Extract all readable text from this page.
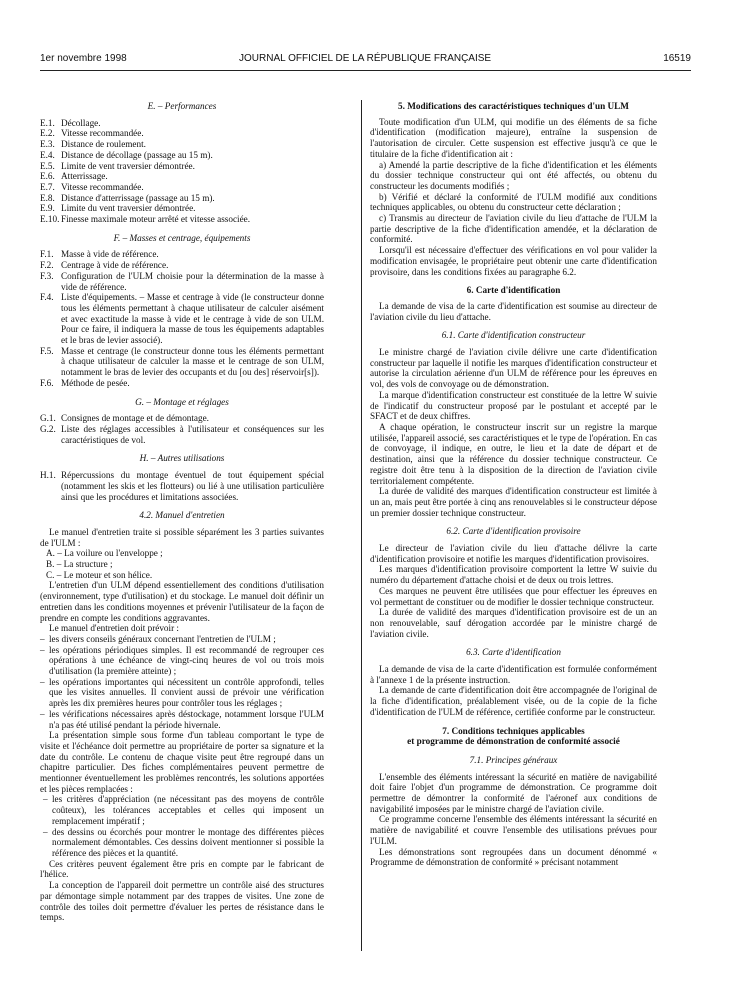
1er novembre 1998	JOURNAL OFFICIEL DE LA RÉPUBLIQUE FRANÇAISE	16519
E. – Performances
E.1. Décollage.
E.2. Vitesse recommandée.
E.3. Distance de roulement.
E.4. Distance de décollage (passage au 15 m).
E.5. Limite de vent traversier démontrée.
E.6. Atterrissage.
E.7. Vitesse recommandée.
E.8. Distance d'atterrissage (passage au 15 m).
E.9. Limite du vent traversier démontrée.
E.10. Finesse maximale moteur arrêté et vitesse associée.
F. – Masses et centrage, équipements
F.1. Masse à vide de référence.
F.2. Centrage à vide de référence.
F.3. Configuration de l'ULM choisie pour la détermination de la masse à vide de référence.
F.4. Liste d'équipements. – Masse et centrage à vide (le constructeur donne tous les éléments permettant à chaque utilisateur de calculer aisément et avec exactitude la masse à vide et le centrage à vide de son ULM. Pour ce faire, il indiquera la masse de tous les équipements adaptables et le bras de levier associé).
F.5. Masse et centrage (le constructeur donne tous les éléments permettant à chaque utilisateur de calculer la masse et le centrage de son ULM, notamment le bras de levier des occupants et du [ou des] réservoir[s]).
F.6. Méthode de pesée.
G. – Montage et réglages
G.1. Consignes de montage et de démontage.
G.2. Liste des réglages accessibles à l'utilisateur et conséquences sur les caractéristiques de vol.
H. – Autres utilisations
H.1. Répercussions du montage éventuel de tout équipement spécial (notamment les skis et les flotteurs) ou lié à une utilisation particulière ainsi que les procédures et limitations associées.
4.2. Manuel d'entretien

Le manuel d'entretien traite si possible séparément les 3 parties suivantes de l'ULM :

A. – La voilure ou l'enveloppe ;
B. – La structure ;
C. – Le moteur et son hélice.

L'entretien d'un ULM dépend essentiellement des conditions d'utilisation (environnement, type d'utilisation) et du stockage. Le manuel doit définir un entretien dans les conditions moyennes et prévenir l'utilisateur de la façon de prendre en compte les conditions aggravantes.

Le manuel d'entretien doit prévoir :

– les divers conseils généraux concernant l'entretien de l'ULM ;
– les opérations périodiques simples. Il est recommandé de regrouper ces opérations à une échéance de vingt-cinq heures de vol ou trois mois d'utilisation (la première atteinte) ;
– les opérations importantes qui nécessitent un contrôle approfondi, telles que les visites annuelles. Il convient aussi de prévoir une vérification après les dix premières heures pour contrôler tous les réglages ;
– les vérifications nécessaires après déstockage, notamment lorsque l'ULM n'a pas été utilisé pendant la période hivernale.

La présentation simple sous forme d'un tableau comportant le type de visite et l'échéance doit permettre au propriétaire de porter sa signature et la date du contrôle. Le contenu de chaque visite peut être regroupé dans un chapitre particulier. Des fiches complémentaires peuvent permettre de mentionner éventuellement les problèmes rencontrés, les solutions apportées et les pièces remplacées :

– les critères d'appréciation (ne nécessitant pas des moyens de contrôle coûteux), les tolérances acceptables et celles qui imposent un remplacement impératif ;
– des dessins ou écorchés pour montrer le montage des différentes pièces normalement démontables. Ces dessins doivent mentionner si possible la référence des pièces et la quantité.

Ces critères peuvent également être pris en compte par le fabricant de l'hélice.

La conception de l'appareil doit permettre un contrôle aisé des structures par démontage simple notamment par des trappes de visites. Une zone de contrôle des toiles doit permettre d'évaluer les pertes de résistance dans le temps.

5. Modifications des caractéristiques techniques d'un ULM

Toute modification d'un ULM, qui modifie un des éléments de sa fiche d'identification (modification majeure), entraîne la suspension de l'autorisation de circuler. Cette suspension est effective jusqu'à ce que le titulaire de la fiche d'identification ait :

a) Amendé la partie descriptive de la fiche d'identification et les éléments du dossier technique constructeur qui ont été affectés, ou obtenu du constructeur les documents modifiés ;

b) Vérifié et déclaré la conformité de l'ULM modifié aux conditions techniques applicables, ou obtenu du constructeur cette déclaration ;

c) Transmis au directeur de l'aviation civile du lieu d'attache de l'ULM la partie descriptive de la fiche d'identification amendée, et la déclaration de conformité.

Lorsqu'il est nécessaire d'effectuer des vérifications en vol pour valider la modification envisagée, le propriétaire peut obtenir une carte d'identification provisoire, dans les conditions fixées au paragraphe 6.2.

6. Carte d'identification

La demande de visa de la carte d'identification est soumise au directeur de l'aviation civile du lieu d'attache.

6.1. Carte d'identification constructeur

Le ministre chargé de l'aviation civile délivre une carte d'identification constructeur par laquelle il notifie les marques d'identification constructeur et autorise la circulation aérienne d'un ULM de référence pour les épreuves en vol, des vols de convoyage ou de démonstration.

La marque d'identification constructeur est constituée de la lettre W suivie de l'indicatif du constructeur proposé par le postulant et accepté par le SFACT et de deux chiffres.

A chaque opération, le constructeur inscrit sur un registre la marque utilisée, l'appareil associé, ses caractéristiques et le type de l'opération. En cas de convoyage, il indique, en outre, le lieu et la date de départ et de destination, ainsi que la référence du dossier technique constructeur. Ce registre doit être tenu à la disposition de la direction de l'aviation civile territorialement compétente.

La durée de validité des marques d'identification constructeur est limitée à un an, mais peut être portée à cinq ans renouvelables si le constructeur dépose un premier dossier technique constructeur.

6.2. Carte d'identification provisoire

Le directeur de l'aviation civile du lieu d'attache délivre la carte d'identification provisoire et notifie les marques d'identification provisoires.

Les marques d'identification provisoire comportent la lettre W suivie du numéro du département d'attache choisi et de deux ou trois lettres.

Ces marques ne peuvent être utilisées que pour effectuer les épreuves en vol permettant de constituer ou de modifier le dossier technique constructeur.

La durée de validité des marques d'identification provisoire est de un an non renouvelable, sauf dérogation accordée par le ministre chargé de l'aviation civile.

6.3. Carte d'identification

La demande de visa de la carte d'identification est formulée conformément à l'annexe 1 de la présente instruction.

La demande de carte d'identification doit être accompagnée de l'original de la fiche d'identification, préalablement visée, ou de la copie de la fiche d'identification de l'ULM de référence, certifiée conforme par le constructeur.

7. Conditions techniques applicables
et programme de démonstration de conformité associé
7.1. Principes généraux

L'ensemble des éléments intéressant la sécurité en matière de navigabilité doit faire l'objet d'un programme de démonstration. Ce programme doit permettre de démontrer la conformité de l'aéronef aux conditions de navigabilité imposées par le ministre chargé de l'aviation civile.

Ce programme concerne l'ensemble des éléments intéressant la sécurité en matière de navigabilité et couvre l'ensemble des utilisations prévues pour l'ULM.

Les démonstrations sont regroupées dans un document dénommé « Programme de démonstration de conformité » précisant notamment
